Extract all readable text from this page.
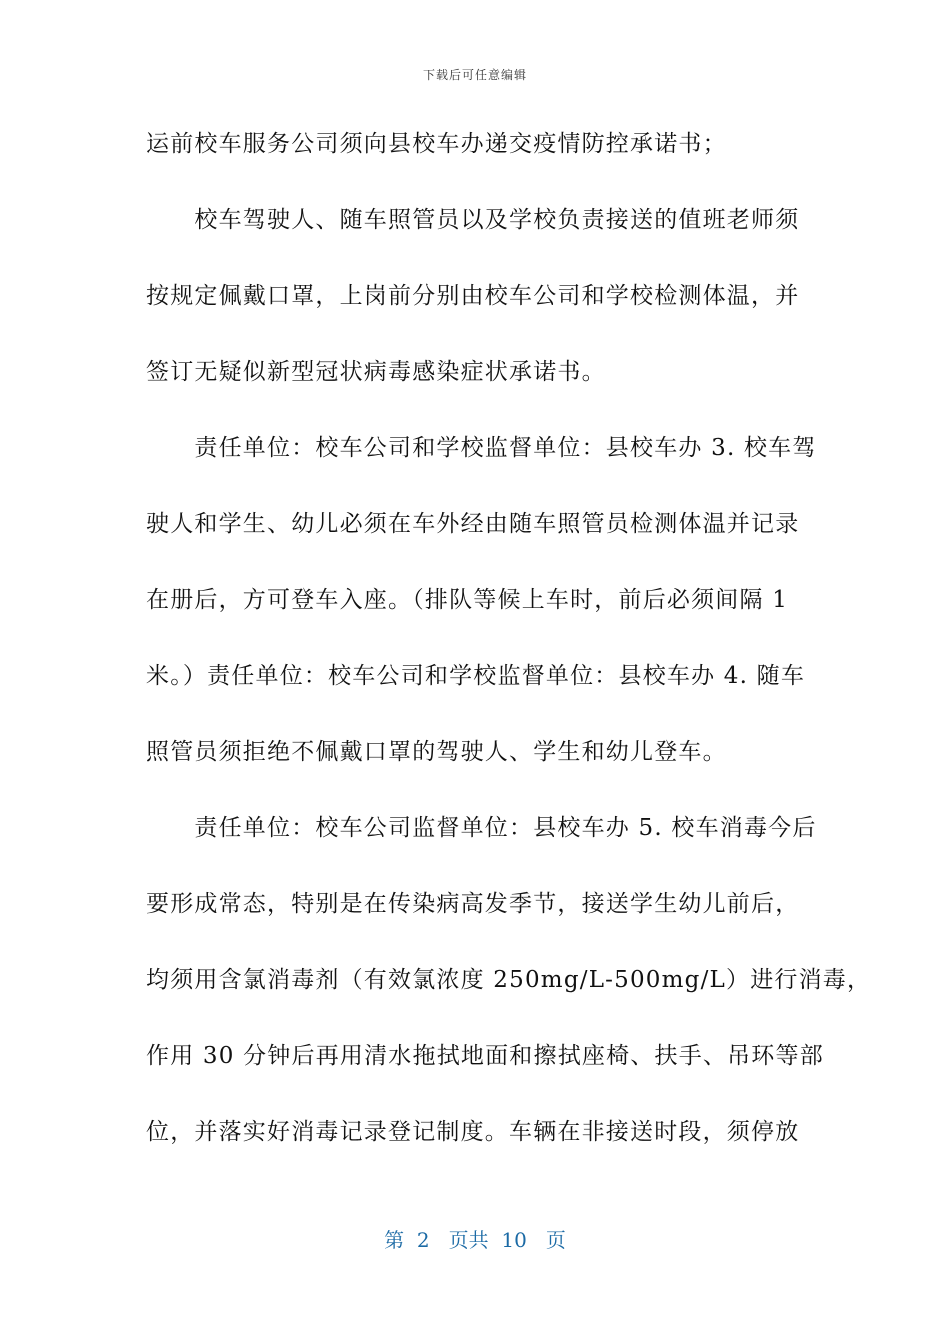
下载后可任意编辑
运前校车服务公司须向县校车办递交疫情防控承诺书；
　　校车驾驶人、随车照管员以及学校负责接送的值班老师须
按规定佩戴口罩，上岗前分别由校车公司和学校检测体温，并
签订无疑似新型冠状病毒感染症状承诺书。
　　责任单位：校车公司和学校监督单位：县校车办 3. 校车驾
驶人和学生、幼儿必须在车外经由随车照管员检测体温并记录
在册后，方可登车入座。（排队等候上车时，前后必须间隔 1
米。）责任单位：校车公司和学校监督单位：县校车办 4. 随车
照管员须拒绝不佩戴口罩的驾驶人、学生和幼儿登车。
　　责任单位：校车公司监督单位：县校车办 5. 校车消毒今后
要形成常态，特别是在传染病高发季节，接送学生幼儿前后，
均须用含氯消毒剂（有效氯浓度 250mg/L-500mg/L）进行消毒，
作用 30 分钟后再用清水拖拭地面和擦拭座椅、扶手、吊环等部
位，并落实好消毒记录登记制度。车辆在非接送时段，须停放
第  2   页共  10   页
